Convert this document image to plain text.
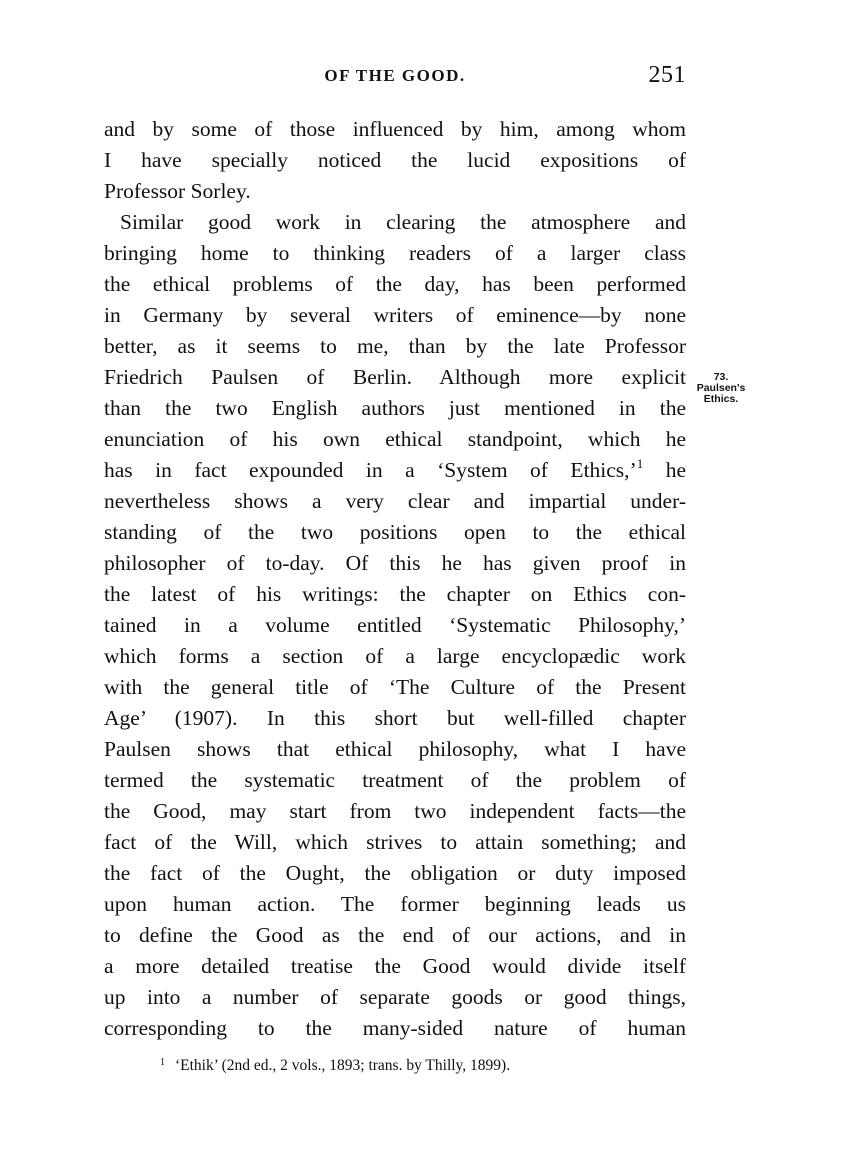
OF THE GOOD.	251
and by some of those influenced by him, among whom
I have specially noticed the lucid expositions of
Professor Sorley.
Similar good work in clearing the atmosphere and
bringing home to thinking readers of a larger class
the ethical problems of the day, has been performed
in Germany by several writers of eminence—by none
better, as it seems to me, than by the late Professor
Friedrich Paulsen of Berlin. Although more explicit
than the two English authors just mentioned in the
enunciation of his own ethical standpoint, which he
has in fact expounded in a ‘System of Ethics,’$^1$ he
nevertheless shows a very clear and impartial under-
standing of the two positions open to the ethical
philosopher of to-day. Of this he has given proof in
the latest of his writings: the chapter on Ethics con-
tained in a volume entitled ‘Systematic Philosophy,’
which forms a section of a large encyclopædic work
with the general title of ‘The Culture of the Present
Age’ (1907). In this short but well-filled chapter
Paulsen shows that ethical philosophy, what I have
termed the systematic treatment of the problem of
the Good, may start from two independent facts—the
fact of the Will, which strives to attain something; and
the fact of the Ought, the obligation or duty imposed
upon human action. The former beginning leads us
to define the Good as the end of our actions, and in
a more detailed treatise the Good would divide itself
up into a number of separate goods or good things,
corresponding to the many-sided nature of human
73.
Paulsen's
Ethics.
$^1$ ‘Ethik’ (2nd ed., 2 vols., 1893; trans. by Thilly, 1899).
